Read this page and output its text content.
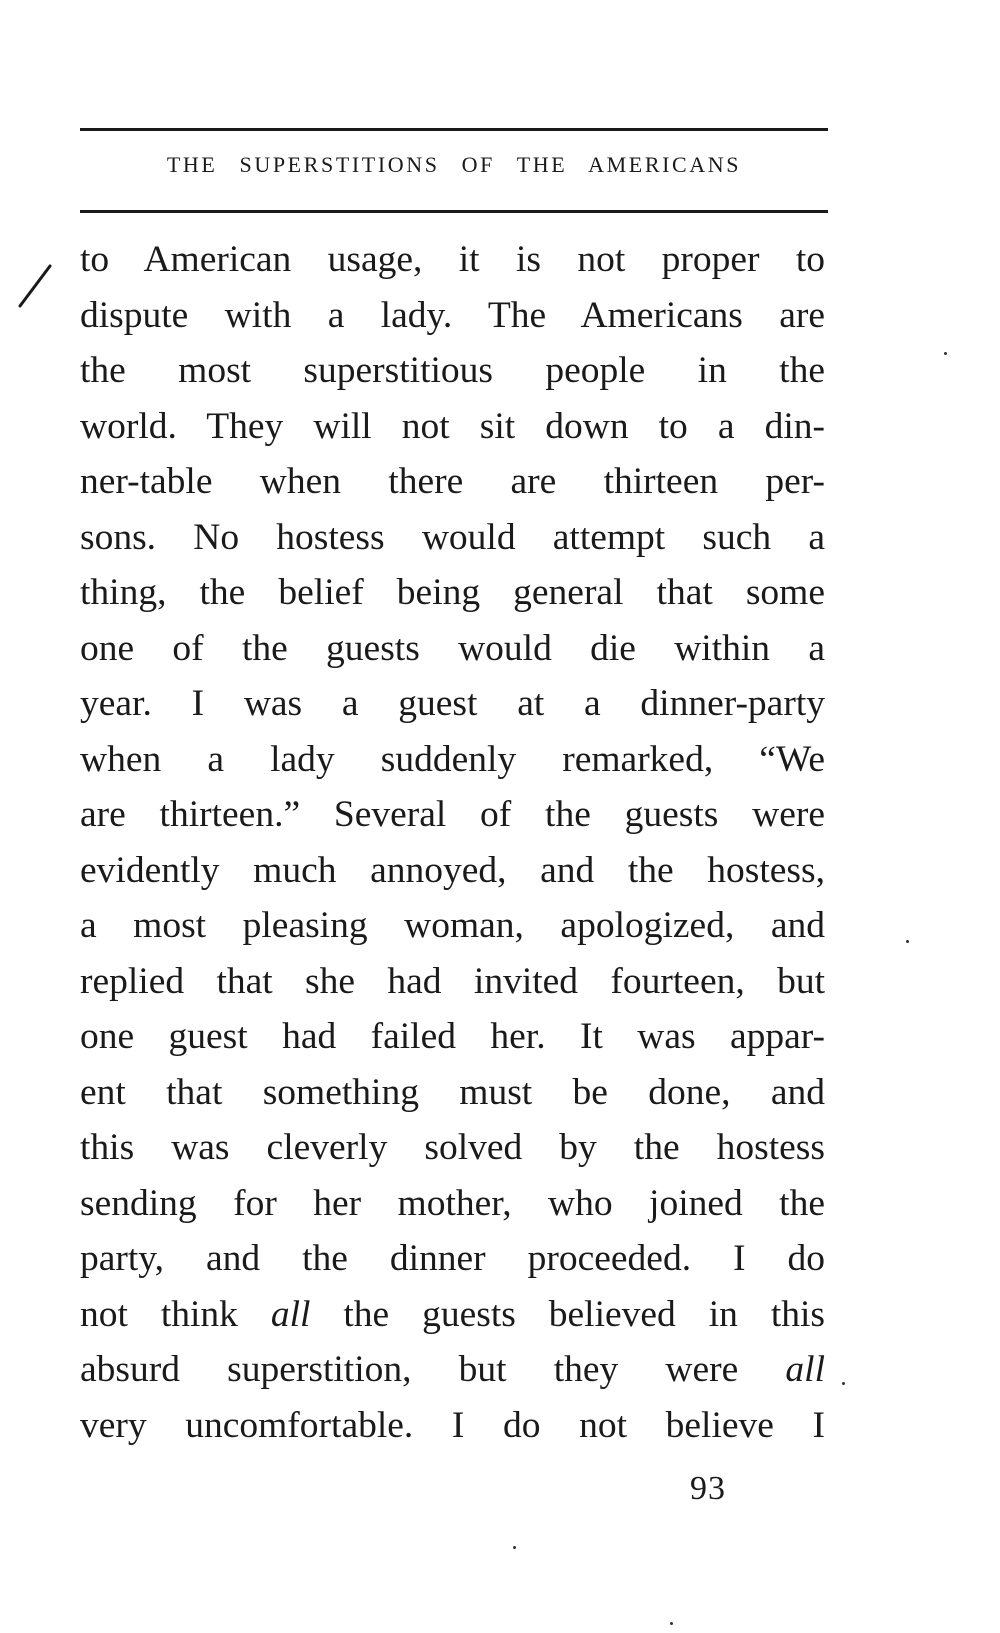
THE SUPERSTITIONS OF THE AMERICANS
to American usage, it is not proper to
dispute with a lady. The Americans are
the most superstitious people in the
world. They will not sit down to a din-
ner-table when there are thirteen per-
sons. No hostess would attempt such a
thing, the belief being general that some
one of the guests would die within a
year. I was a guest at a dinner-party
when a lady suddenly remarked, “We
are thirteen.” Several of the guests were
evidently much annoyed, and the hostess,
a most pleasing woman, apologized, and
replied that she had invited fourteen, but
one guest had failed her. It was appar-
ent that something must be done, and
this was cleverly solved by the hostess
sending for her mother, who joined the
party, and the dinner proceeded. I do
not think all the guests believed in this
absurd superstition, but they were all
very uncomfortable. I do not believe I
93
